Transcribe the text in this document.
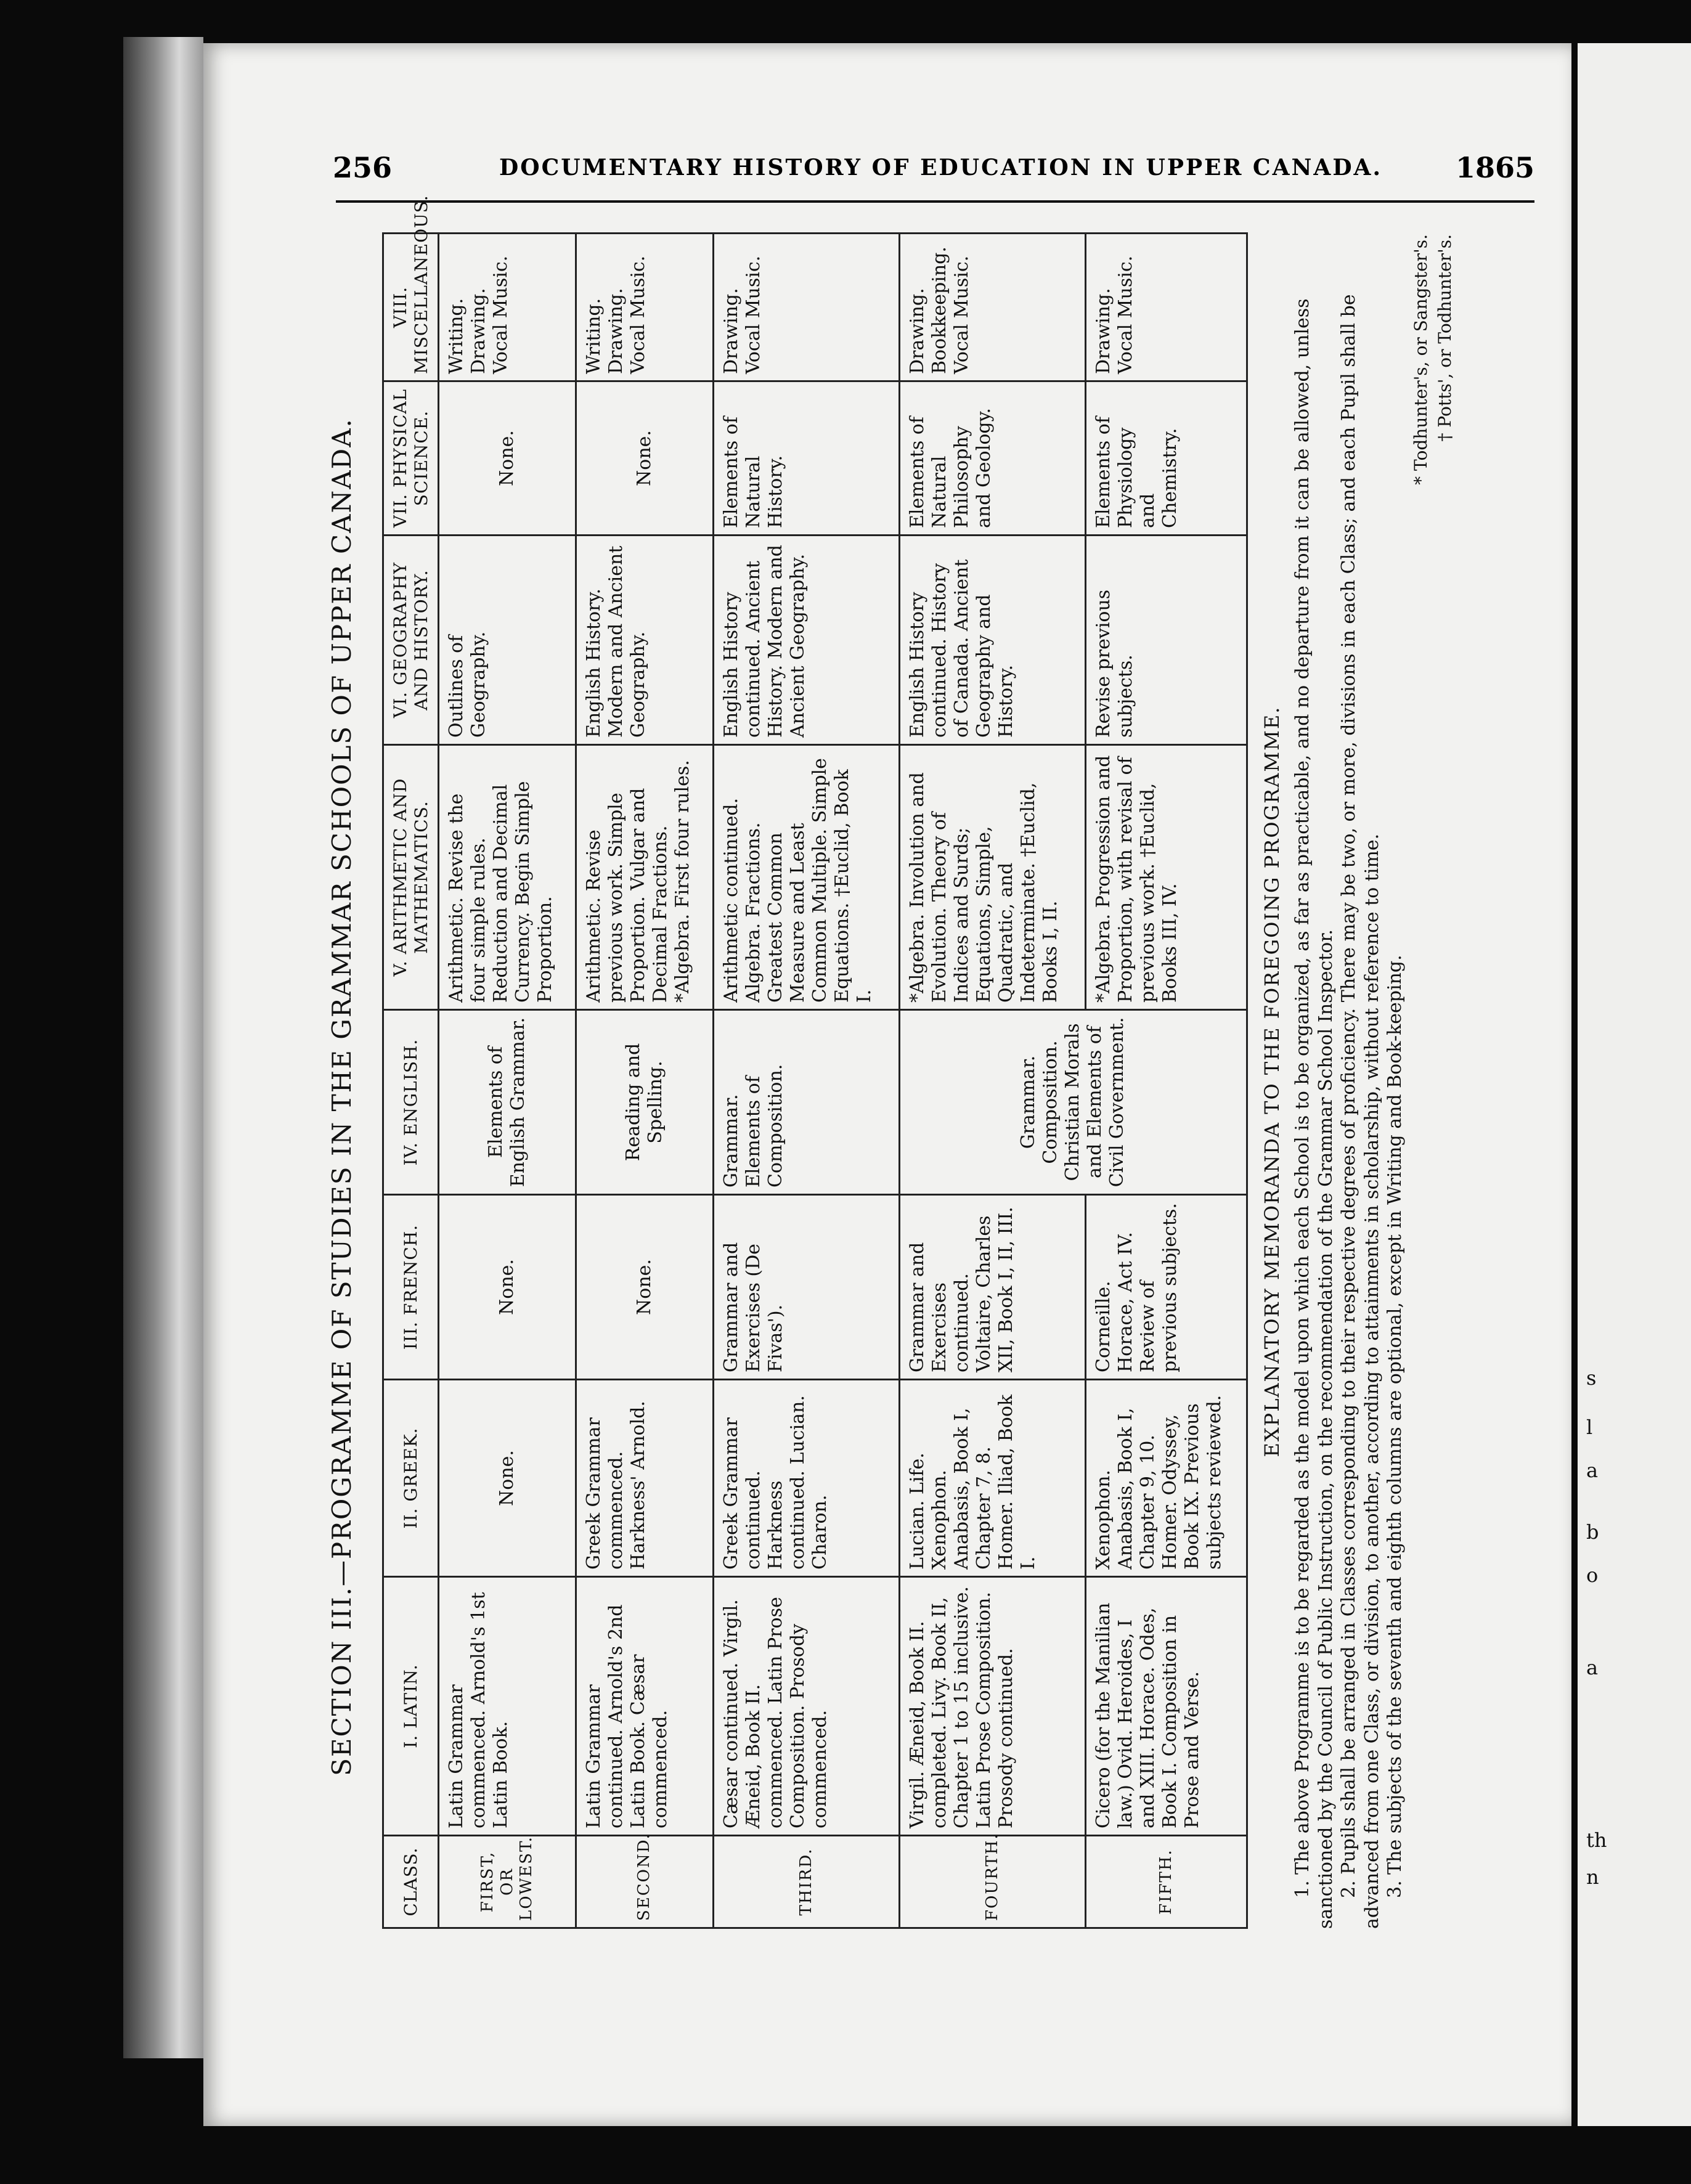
256	DOCUMENTARY HISTORY OF EDUCATION IN UPPER CANADA.	1865
SECTION III.—PROGRAMME OF STUDIES IN THE GRAMMAR SCHOOLS OF UPPER CANADA.
CLASS.	I. LATIN.	II. GREEK.	III. FRENCH.	IV. ENGLISH.	V. ARITHMETIC AND MATHEMATICS.	VI. GEOGRAPHY AND HISTORY.	VII. PHYSICAL SCIENCE.	VIII. MISCELLANEOUS.
FIRST, OR LOWEST.	Latin Grammar commenced. Arnold's 1st Latin Book.	None.	None.	Elements of English Grammar.	Arithmetic. Revise the four simple rules. Reduction and Decimal Currency. Begin Simple Proportion.	Outlines of Geography.	None.	Writing. Drawing. Vocal Music.
SECOND.	Latin Grammar continued. Arnold's 2nd Latin Book. Cæsar commenced.	Greek Grammar commenced. Harkness' Arnold.	None.	Reading and Spelling.	Arithmetic. Revise previous work. Simple Proportion. Vulgar and Decimal Fractions. *Algebra. First four rules.	English History. Modern and Ancient Geography.	None.	Writing. Drawing. Vocal Music.
THIRD.	Cæsar continued. Virgil. Æneid, Book II. commenced. Latin Prose Composition. Prosody commenced.	Greek Grammar continued. Harkness continued. Lucian. Charon.	Grammar and Exercises (De Fivas').	Grammar. Elements of Composition.	Arithmetic continued. Algebra. Fractions. Greatest Common Measure and Least Common Multiple. Simple Equations. †Euclid, Book I.	English History continued. Ancient History. Modern and Ancient Geography.	Elements of Natural History.	Drawing. Vocal Music.
FOURTH.	Virgil. Æneid, Book II. completed. Livy. Book II, Chapter 1 to 15 inclusive. Latin Prose Composition. Prosody continued.	Lucian. Life. Xenophon. Anabasis, Book I, Chapter 7, 8. Homer. Iliad, Book I.	Grammar and Exercises continued. Voltaire, Charles XII, Book I, II, III.	Grammar. Composition. Christian Morals and Elements of Civil Government.	*Algebra. Involution and Evolution. Theory of Indices and Surds; Equations, Simple, Quadratic, and Indeterminate. †Euclid, Books I, II.	English History continued. History of Canada. Ancient Geography and History.	Elements of Natural Philosophy and Geology.	Drawing. Bookkeeping. Vocal Music.
FIFTH.	Cicero (for the Manilian law.) Ovid. Heroides, I and XIII. Horace. Odes, Book I. Composition in Prose and Verse.	Xenophon. Anabasis, Book I, Chapter 9, 10. Homer. Odyssey, Book IX. Previous subjects reviewed.	Corneille. Horace, Act IV. Review of previous subjects.		*Algebra. Progression and Proportion, with revisal of previous work. †Euclid, Books III, IV.	Revise previous subjects.	Elements of Physiology and Chemistry.	Drawing. Vocal Music.
EXPLANATORY MEMORANDA TO THE FOREGOING PROGRAMME. 1. The above Programme is to be regarded as the model upon which each School is to be organized, as far as practicable, and no departure from it can be allowed, unless sanctioned by the Council of Public Instruction, on the recommendation of the Grammar School Inspector. 2. Pupils shall be arranged in Classes corresponding to their respective degrees of proficiency. There may be two, or more, divisions in each Class; and each Pupil shall be advanced from one Class, or division, to another, according to attainments in scholarship, without reference to time. 3. The subjects of the seventh and eighth columns are optional, except in Writing and Book-keeping.

* Todhunter's, or Sangster's. † Potts', or Todhunter's.
s
l
a
b
o
a
th
n
